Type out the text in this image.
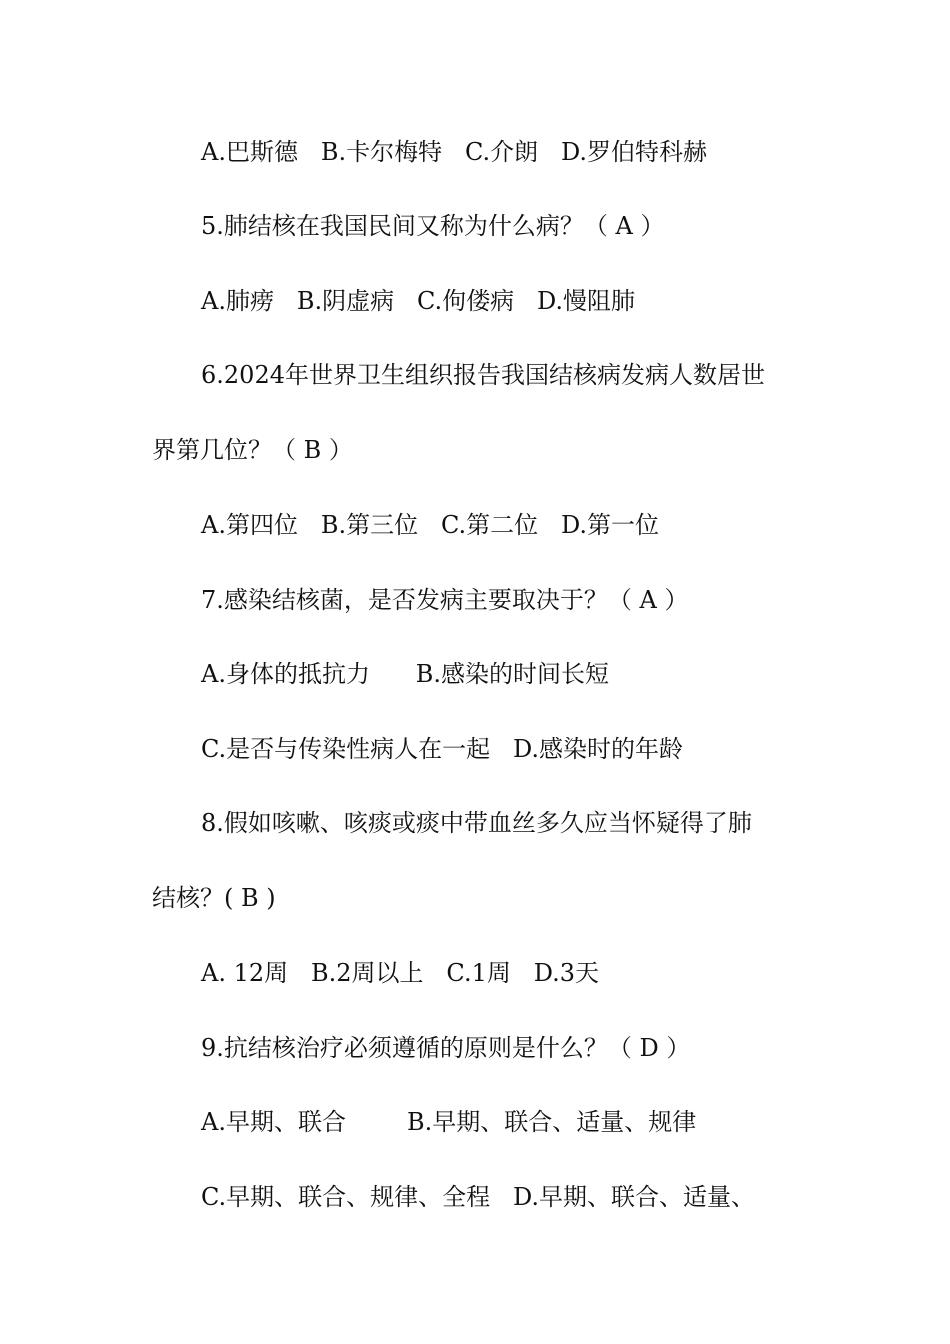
A.巴斯德   B.卡尔梅特   C.介朗   D.罗伯特科赫
5.肺结核在我国民间又称为什么病？（ A ）
A.肺痨   B.阴虚病   C.佝偻病   D.慢阻肺
6.2024年世界卫生组织报告我国结核病发病人数居世
界第几位？（ B ）
A.第四位   B.第三位   C.第二位   D.第一位
7.感染结核菌，是否发病主要取决于？（ A ）
A.身体的抵抗力      B.感染的时间长短
C.是否与传染性病人在一起   D.感染时的年龄
8.假如咳嗽、咳痰或痰中带血丝多久应当怀疑得了肺
结核？( B )
A. 12周   B.2周以上   C.1周   D.3天
9.抗结核治疗必须遵循的原则是什么？（ D ）
A.早期、联合        B.早期、联合、适量、规律
C.早期、联合、规律、全程   D.早期、联合、适量、
